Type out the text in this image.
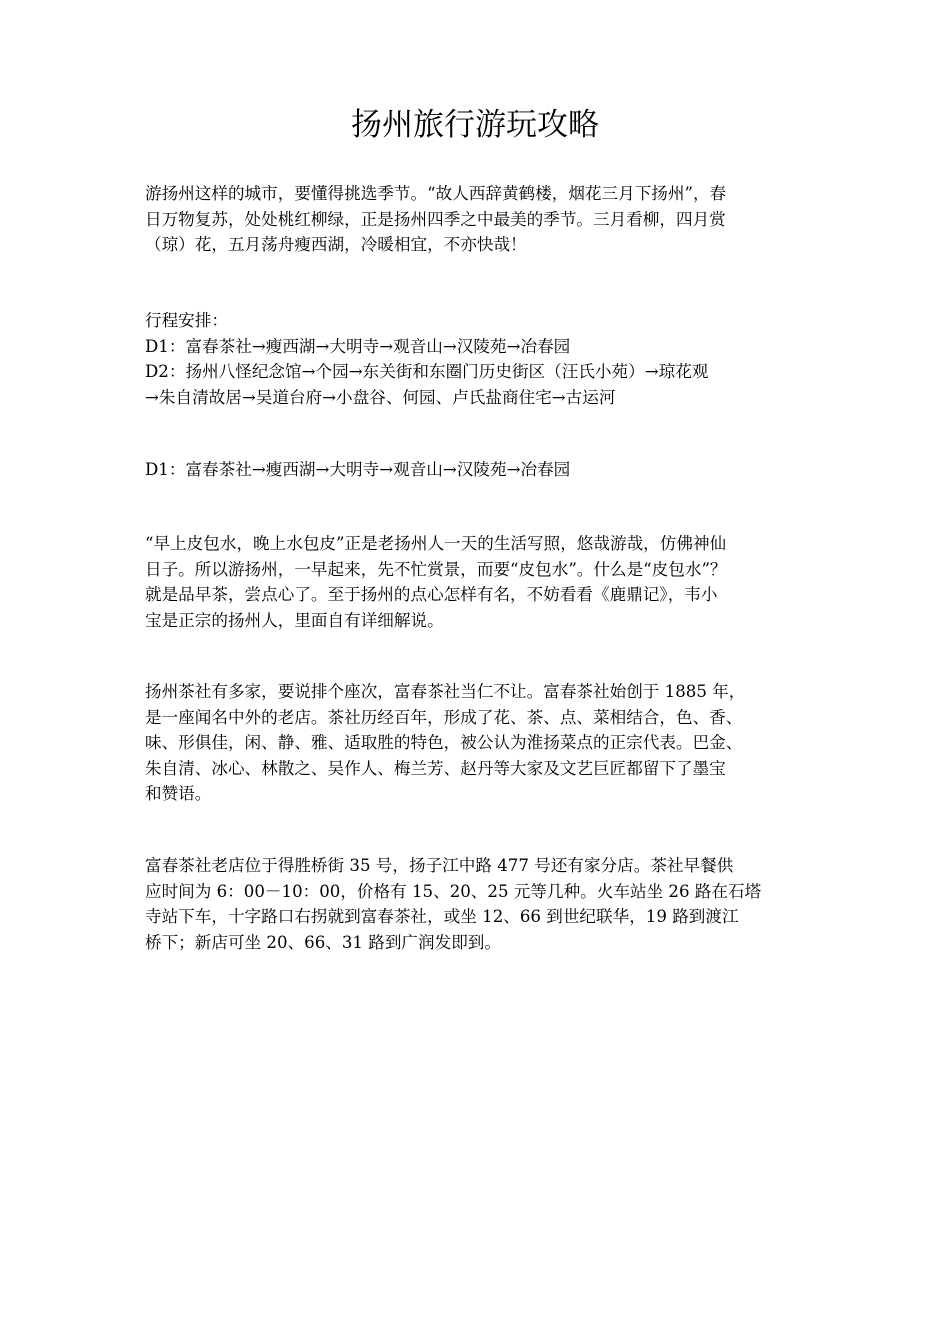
扬州旅行游玩攻略
游扬州这样的城市，要懂得挑选季节。“故人西辞黄鹤楼，烟花三月下扬州”，春
日万物复苏，处处桃红柳绿，正是扬州四季之中最美的季节。三月看柳，四月赏
（琼）花，五月荡舟瘦西湖，冷暖相宜，不亦快哉！
行程安排：
D1：富春茶社→瘦西湖→大明寺→观音山→汉陵苑→冶春园
D2：扬州八怪纪念馆→个园→东关街和东圈门历史街区（汪氏小苑）→琼花观
→朱自清故居→吴道台府→小盘谷、何园、卢氏盐商住宅→古运河
D1：富春茶社→瘦西湖→大明寺→观音山→汉陵苑→冶春园
“早上皮包水，晚上水包皮”正是老扬州人一天的生活写照，悠哉游哉，仿佛神仙
日子。所以游扬州，一早起来，先不忙赏景，而要“皮包水”。什么是“皮包水”？
就是品早茶，尝点心了。至于扬州的点心怎样有名，不妨看看《鹿鼎记》，韦小
宝是正宗的扬州人，里面自有详细解说。
扬州茶社有多家，要说排个座次，富春茶社当仁不让。富春茶社始创于 1885 年，
是一座闻名中外的老店。茶社历经百年，形成了花、茶、点、菜相结合，色、香、
味、形俱佳，闲、静、雅、适取胜的特色，被公认为淮扬菜点的正宗代表。巴金、
朱自清、冰心、林散之、吴作人、梅兰芳、赵丹等大家及文艺巨匠都留下了墨宝
和赞语。
富春茶社老店位于得胜桥街 35 号，扬子江中路 477 号还有家分店。茶社早餐供
应时间为 6：00－10：00，价格有 15、20、25 元等几种。火车站坐 26 路在石塔
寺站下车，十字路口右拐就到富春茶社，或坐 12、66 到世纪联华，19 路到渡江
桥下；新店可坐 20、66、31 路到广润发即到。
